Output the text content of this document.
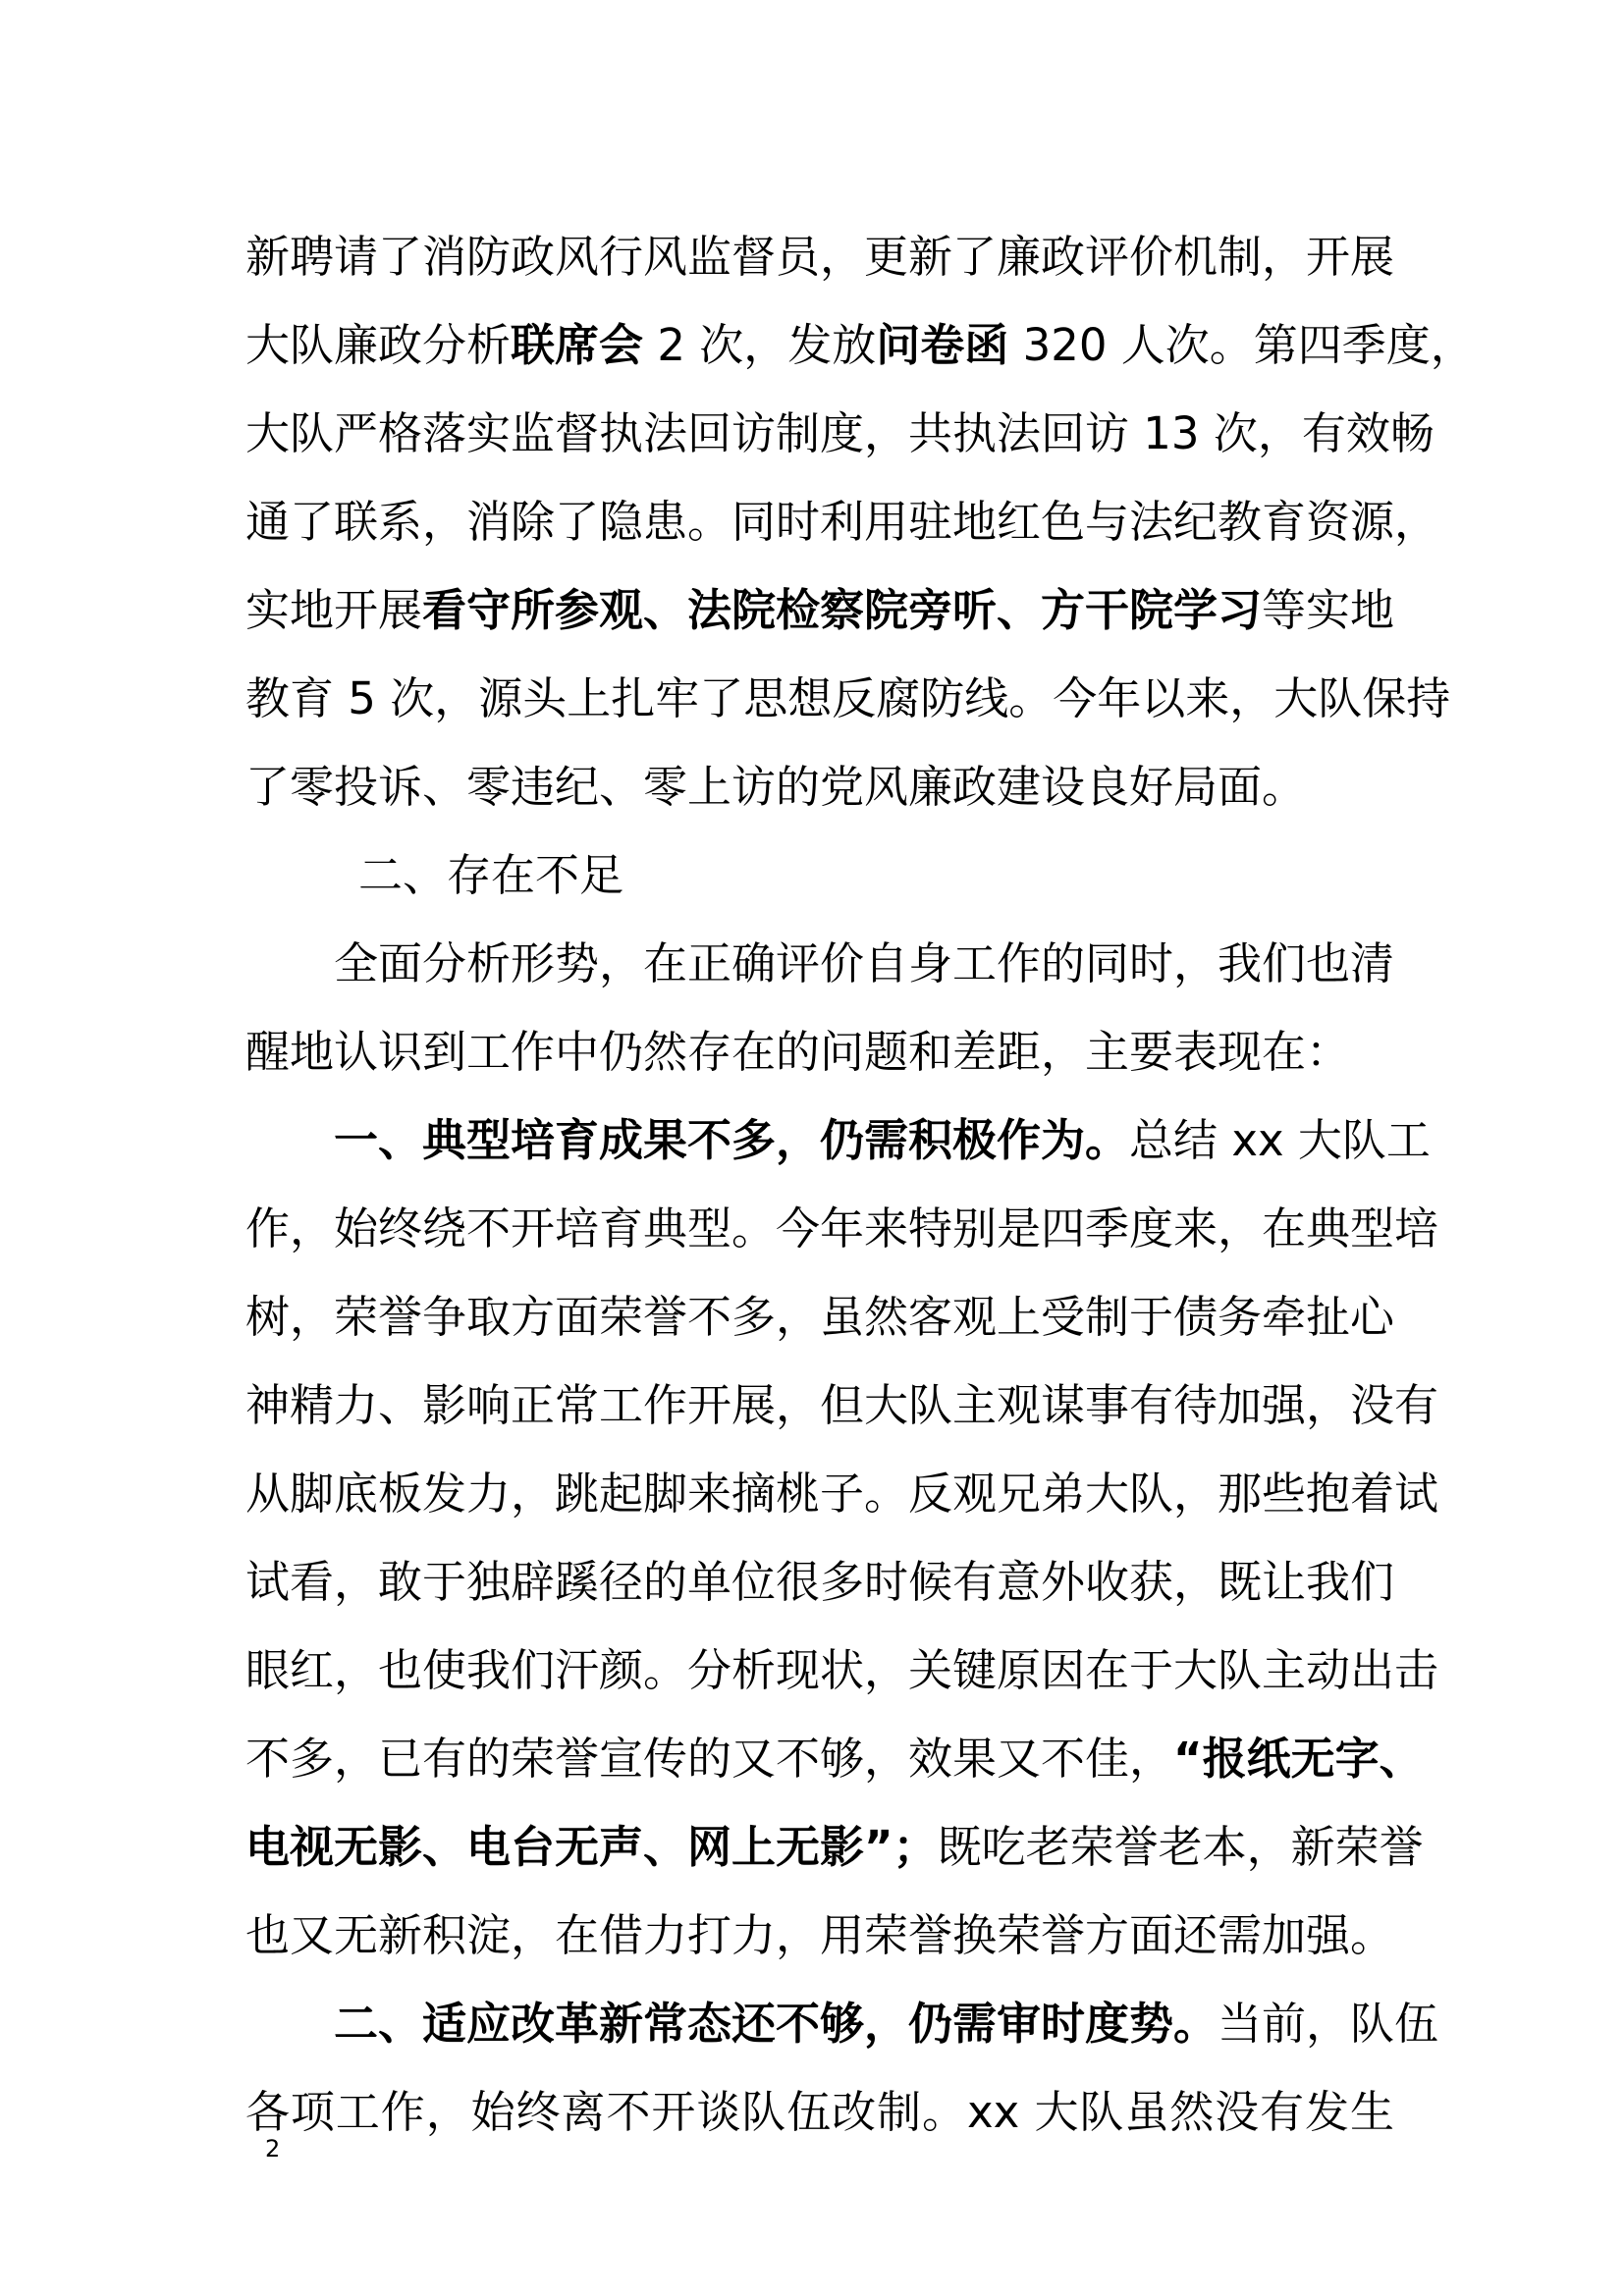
新聘请了消防政风行风监督员，更新了廉政评价机制，开展
大队廉政分析联席会 2 次，发放问卷函 320 人次。第四季度，
大队严格落实监督执法回访制度，共执法回访 13 次，有效畅
通了联系，消除了隐患。同时利用驻地红色与法纪教育资源，
实地开展看守所参观、法院检察院旁听、方干院学习等实地
教育 5 次，源头上扎牢了思想反腐防线。今年以来，大队保持
了零投诉、零违纪、零上访的党风廉政建设良好局面。
二、存在不足
全面分析形势，在正确评价自身工作的同时，我们也清
醒地认识到工作中仍然存在的问题和差距，主要表现在：
一、典型培育成果不多，仍需积极作为。总结 xx 大队工
作，始终绕不开培育典型。今年来特别是四季度来，在典型培
树，荣誉争取方面荣誉不多，虽然客观上受制于债务牵扯心
神精力、影响正常工作开展，但大队主观谋事有待加强，没有
从脚底板发力，跳起脚来摘桃子。反观兄弟大队，那些抱着试
试看，敢于独辟蹊径的单位很多时候有意外收获，既让我们
眼红，也使我们汗颜。分析现状，关键原因在于大队主动出击
不多，已有的荣誉宣传的又不够，效果又不佳，“报纸无字、
电视无影、电台无声、网上无影”；既吃老荣誉老本，新荣誉
也又无新积淀，在借力打力，用荣誉换荣誉方面还需加强。
二、适应改革新常态还不够，仍需审时度势。当前，队伍
各项工作，始终离不开谈队伍改制。xx 大队虽然没有发生
2
